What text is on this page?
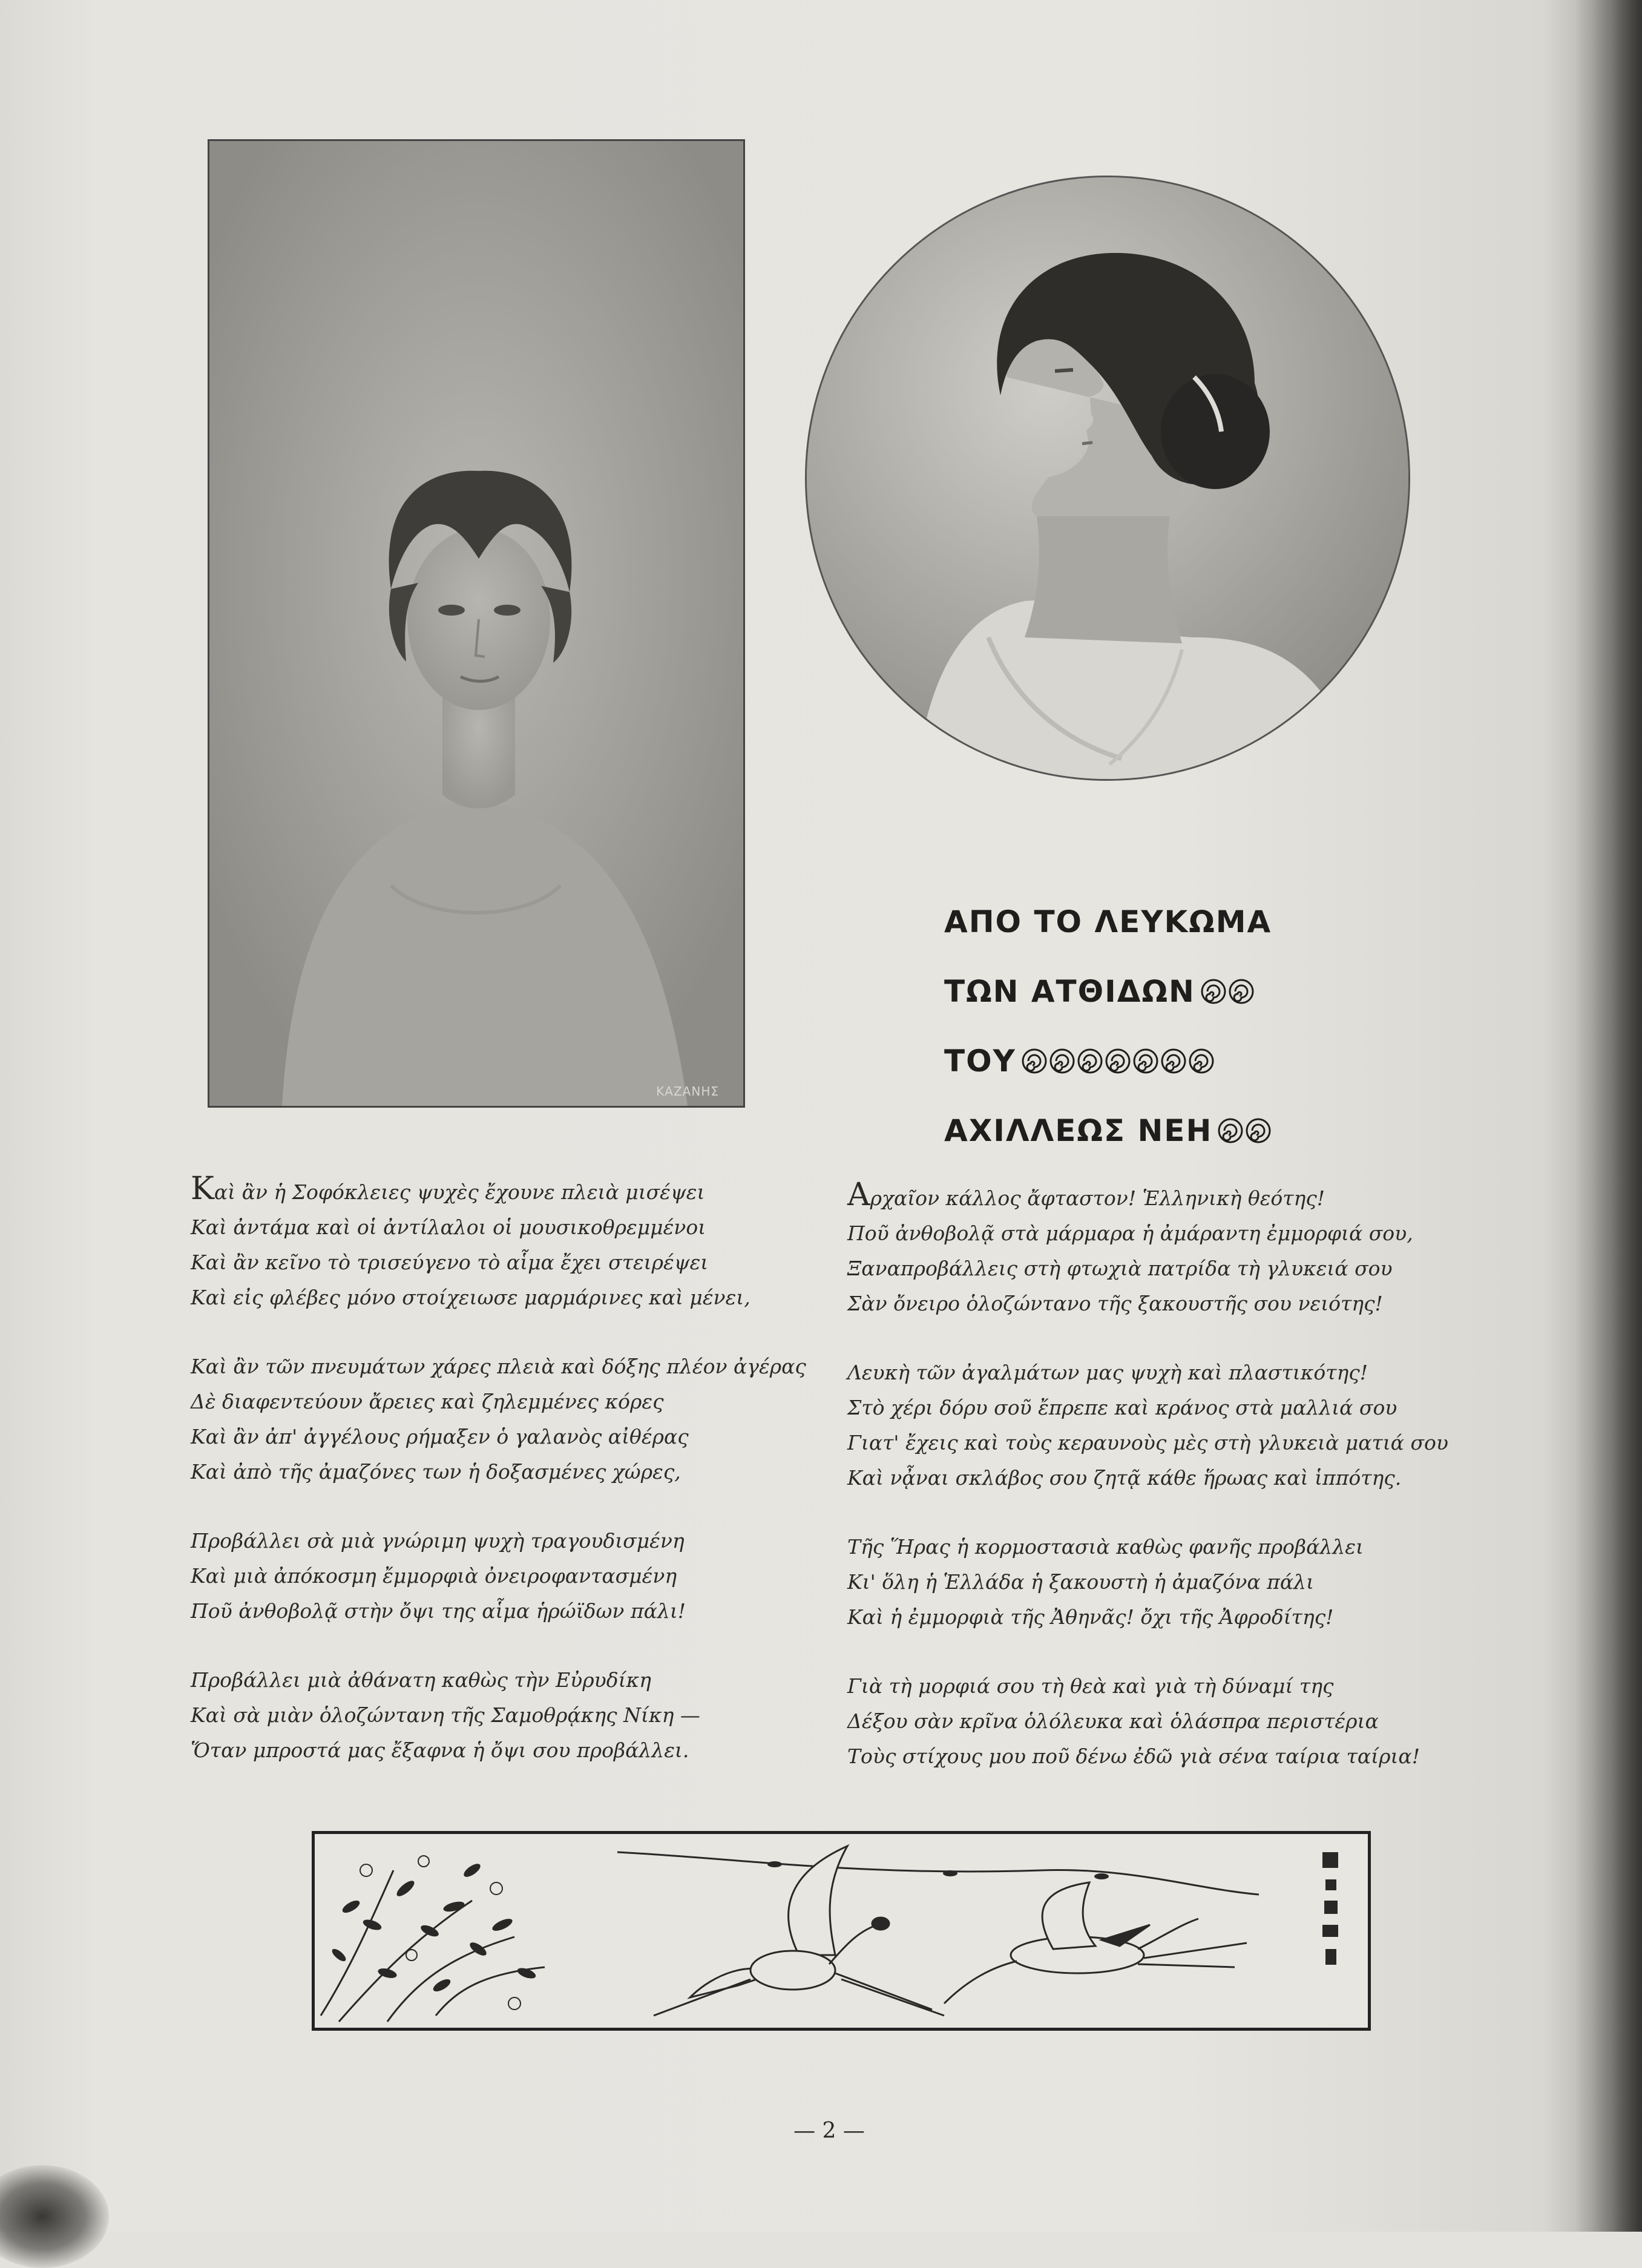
ΚΑΖΑΝΗΣ
ΑΠΟ ΤΟ ΛΕΥΚΩΜΑ
ΤΩΝ ΑΤΘΙΔΩΝ
ΤΟΥ
ΑΧΙΛΛΕΩΣ ΝΕΗ
Καὶ ἂν ἡ Σοφόκλειες ψυχὲς ἔχουνε πλειὰ μισέψει
Καὶ ἀντάμα καὶ οἱ ἀντίλαλοι οἱ μουσικοθρεμμένοι
Καὶ ἂν κεῖνο τὸ τρισεύγενο τὸ αἷμα ἔχει στειρέψει
Καὶ εἰς φλέβες μόνο στοίχειωσε μαρμάρινες καὶ μένει,
Καὶ ἂν τῶν πνευμάτων χάρες πλειὰ καὶ δόξης πλέον ἀγέρας
Δὲ διαφεντεύουν ἄρειες καὶ ζηλεμμένες κόρες
Καὶ ἂν ἀπ' ἀγγέλους ρήμαξεν ὁ γαλανὸς αἰθέρας
Καὶ ἀπὸ τῆς ἀμαζόνες των ἡ δοξασμένες χώρες,
Προβάλλει σὰ μιὰ γνώριμη ψυχὴ τραγουδισμένη
Καὶ μιὰ ἀπόκοσμη ἔμμορφιὰ ὀνειροφαντασμένη
Ποῦ ἀνθοβολᾷ στὴν ὄψι της αἷμα ἡρώϊδων πάλι!
Προβάλλει μιὰ ἀθάνατη καθὼς τὴν Εὐρυδίκη
Καὶ σὰ μιὰν ὁλοζώντανη τῆς Σαμοθρᾴκης Νίκη —
Ὅταν μπροστά μας ἔξαφνα ἡ ὄψι σου προβάλλει.
Αρχαῖον κάλλος ἄφταστον! Ἑλληνικὴ θεότης!
Ποῦ ἀνθοβολᾷ στὰ μάρμαρα ἡ ἀμάραντη ἐμμορφιά σου,
Ξαναπροβάλλεις στὴ φτωχιὰ πατρίδα τὴ γλυκειά σου
Σὰν ὄνειρο ὁλοζώντανο τῆς ξακουστῆς σου νειότης!
Λευκὴ τῶν ἀγαλμάτων μας ψυχὴ καὶ πλαστικότης!
Στὸ χέρι δόρυ σοῦ ἔπρεπε καὶ κράνος στὰ μαλλιά σου
Γιατ' ἔχεις καὶ τοὺς κεραυνοὺς μὲς στὴ γλυκειὰ ματιά σου
Καὶ νᾆναι σκλάβος σου ζητᾷ κάθε ἥρωας καὶ ἱππότης.
Τῆς Ἥρας ἡ κορμοστασιὰ καθὼς φανῆς προβάλλει
Κι' ὅλη ἡ Ἑλλάδα ἡ ξακουστὴ ἡ ἀμαζόνα πάλι
Καὶ ἡ ἐμμορφιὰ τῆς Ἀθηνᾶς! ὄχι τῆς Ἀφροδίτης!
Γιὰ τὴ μορφιά σου τὴ θεὰ καὶ γιὰ τὴ δύναμί της
Δέξου σὰν κρῖνα ὁλόλευκα καὶ ὁλάσπρα περιστέρια
Τοὺς στίχους μου ποῦ δένω ἐδῶ γιὰ σένα ταίρια ταίρια!
— 2 —
